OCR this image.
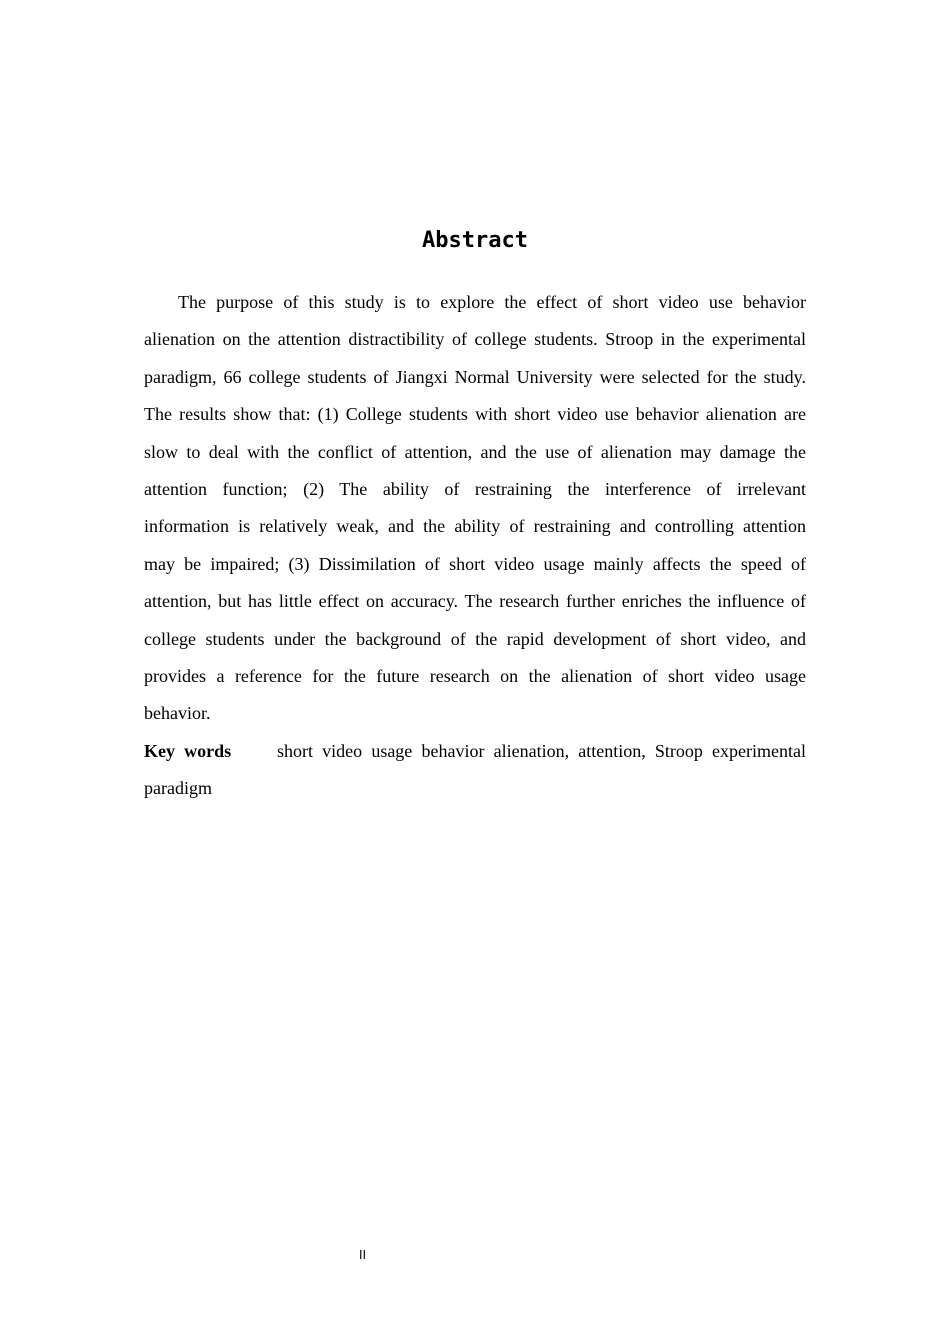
Abstract

The purpose of this study is to explore the effect of short video use behavior alienation on the attention distractibility of college students. Stroop in the experimental paradigm, 66 college students of Jiangxi Normal University were selected for the study. The results show that: (1) College students with short video use behavior alienation are slow to deal with the conflict of attention, and the use of alienation may damage the attention function; (2) The ability of restraining the interference of irrelevant information is relatively weak, and the ability of restraining and controlling attention may be impaired; (3) Dissimilation of short video usage mainly affects the speed of attention, but has little effect on accuracy. The research further enriches the influence of college students under the background of the rapid development of short video, and provides a reference for the future research on the alienation of short video usage behavior.

Key words	short video usage behavior alienation, attention, Stroop experimental paradigm

II
